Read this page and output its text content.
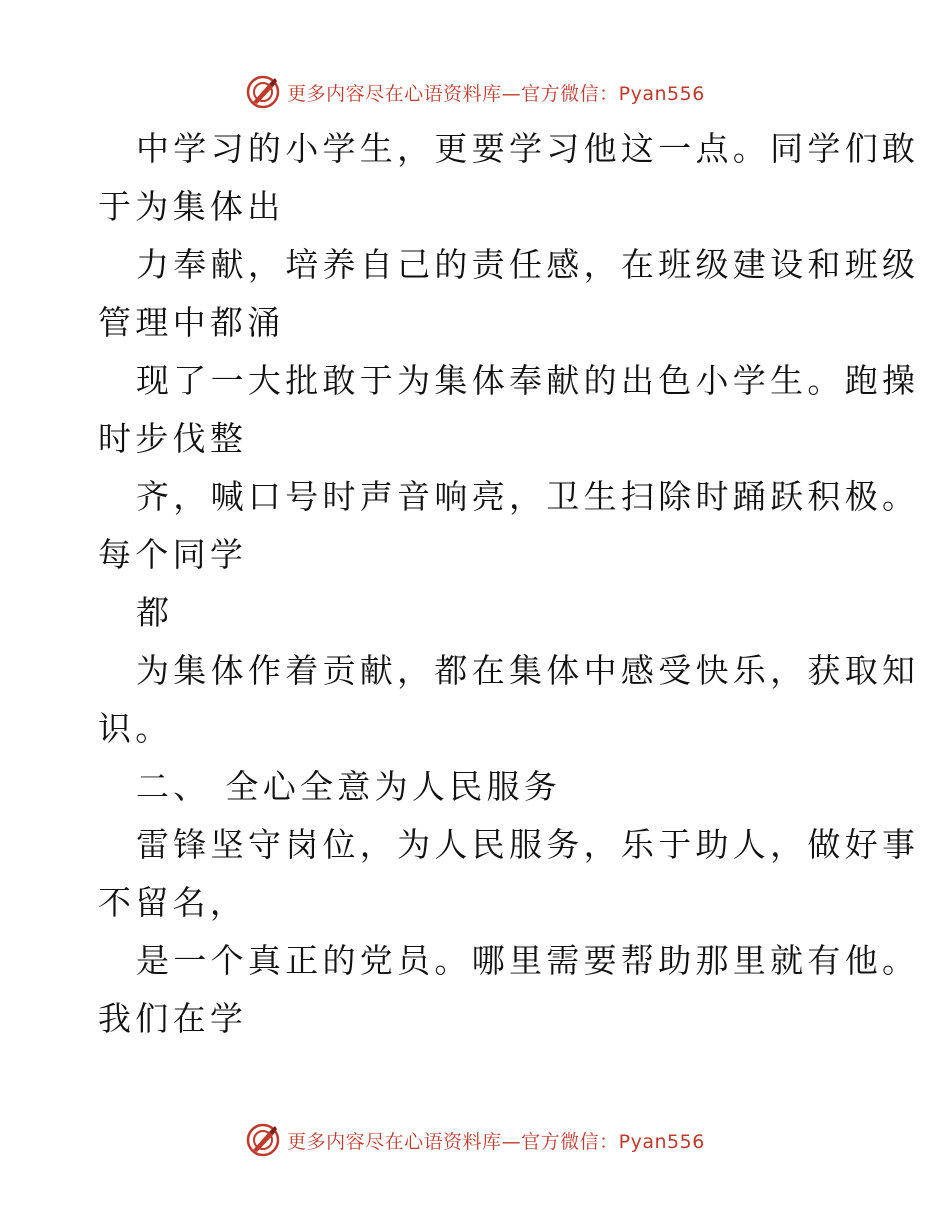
更多内容尽在心语资料库—官方微信：Pyan556
中学习的小学生，更要学习他这一点。同学们敢
于为集体出
力奉献，培养自己的责任感，在班级建设和班级
管理中都涌
现了一大批敢于为集体奉献的出色小学生。跑操
时步伐整
齐，喊口号时声音响亮，卫生扫除时踊跃积极。
每个同学
都
为集体作着贡献，都在集体中感受快乐，获取知
识。
二、 全心全意为人民服务
雷锋坚守岗位，为人民服务，乐于助人，做好事
不留名，
是一个真正的党员。哪里需要帮助那里就有他。
我们在学
更多内容尽在心语资料库—官方微信：Pyan556
